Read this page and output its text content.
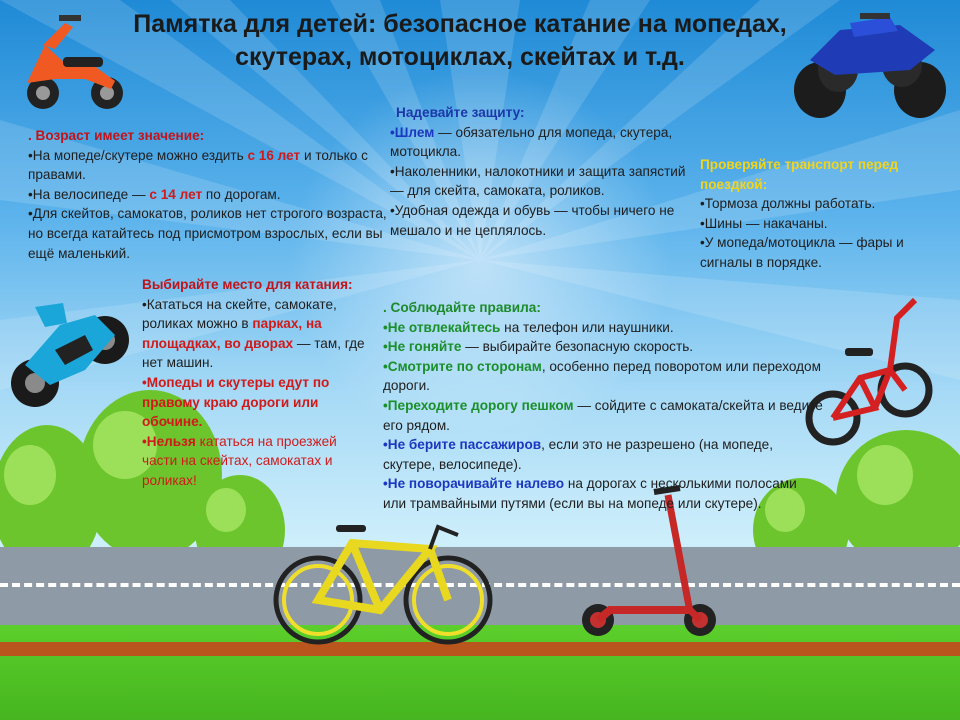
Памятка для детей: безопасное катание на мопедах, скутерах, мотоциклах, скейтах и т.д.

. Возраст имеет значение:

•На мопеде/скутере можно ездить с 16 лет и только с правами.

•На велосипеде — с 14 лет по дорогам.

•Для скейтов, самокатов, роликов нет строгого возраста, но всегда катайтесь под присмотром взрослых, если вы ещё маленький.

Надевайте защиту:

•Шлем — обязательно для мопеда, скутера, мотоцикла.

•Наколенники, налокотники и защита запястий — для скейта, самоката, роликов.

•Удобная одежда и обувь — чтобы ничего не мешало и не цеплялось.

Проверяйте транспорт перед поездкой:

•Тормоза должны работать.

•Шины — накачаны.

•У мопеда/мотоцикла — фары и сигналы в порядке.

Выбирайте место для катания:

•Кататься на скейте, самокате, роликах можно в парках, на площадках, во дворах — там, где нет машин.

•Мопеды и скутеры едут по правому краю дороги или обочине.

•Нельзя кататься на проезжей части на скейтах, самокатах и роликах!

. Соблюдайте правила:

•Не отвлекайтесь на телефон или наушники.

•Не гоняйте — выбирайте безопасную скорость.

•Смотрите по сторонам, особенно перед поворотом или переходом дороги.

•Переходите дорогу пешком — сойдите с самоката/скейта и ведите его рядом.

•Не берите пассажиров, если это не разрешено (на мопеде, скутере, велосипеде).

•Не поворачивайте налево на дорогах с несколькими полосами или трамвайными путями (если вы на мопеде или скутере).
